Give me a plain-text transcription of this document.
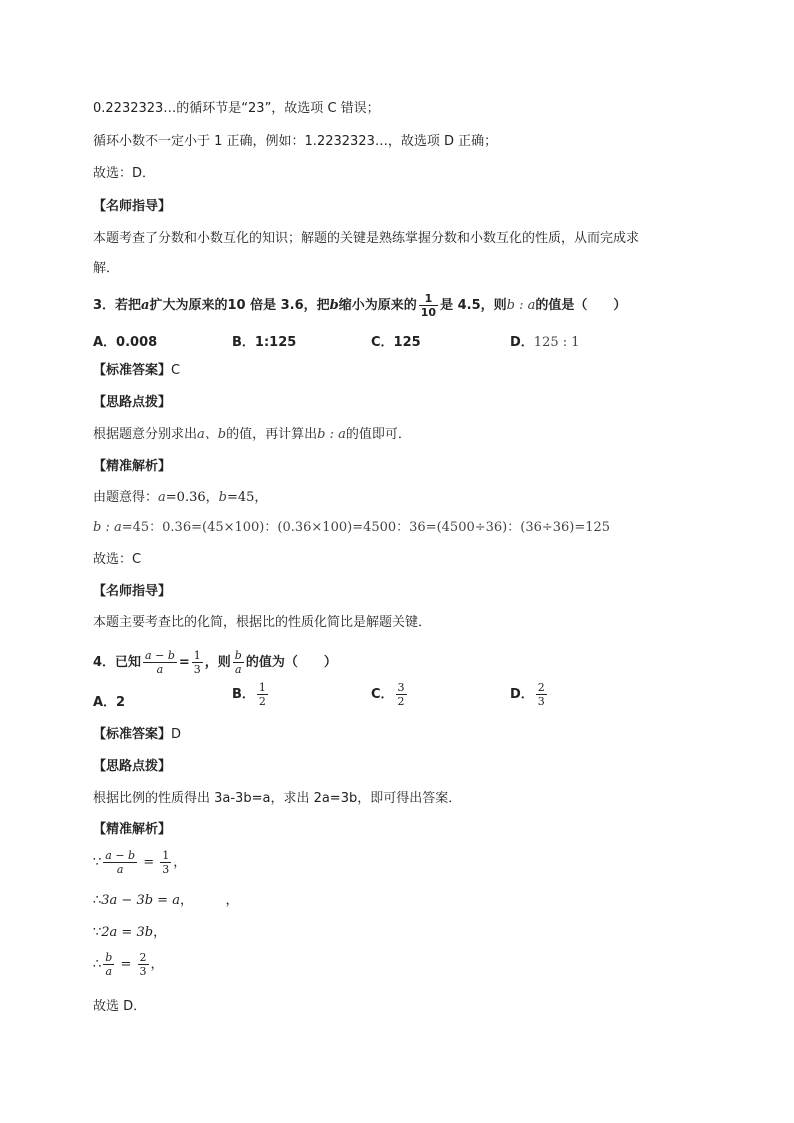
0.2232323…的循环节是“23”，故选项 C 错误；
循环小数不一定小于 1 正确，例如：1.2232323…，故选项 D 正确；
故选：D．
【名师指导】
本题考查了分数和小数互化的知识；解题的关键是熟练掌握分数和小数互化的性质，从而完成求
解．
3．若把a扩大为原来的10 倍是 3.6，把b缩小为原来的 $\frac{1}{10}$ 是 4.5，则b : a的值是（　　）
A．0.008	B．1:125	C．125	D．125 : 1
【标准答案】C
【思路点拨】
根据题意分别求出a、b的值，再计算出b : a的值即可．
【精准解析】
由题意得：a=0.36，b=45，
b : a=45：0.36=(45×100)：(0.36×100)=4500：36=(4500÷36)：(36÷36)=125
故选：C
【名师指导】
本题主要考查比的化简，根据比的性质化简比是解题关键．
4．已知 $\frac{a - b}{a} = \frac{1}{3}$ ，则 $\frac{b}{a}$ 的值为（　　）
A．2
B． $\frac{1}{2}$	C． $\frac{3}{2}$	D． $\frac{2}{3}$
【标准答案】D
【思路点拨】
根据比例的性质得出 3a-3b=a，求出 2a=3b，即可得出答案．
【精准解析】
∵ $\frac{a - b}{a} = \frac{1}{3}$ ，
∴3a − 3b = a，　　　，
∵2a = 3b，
∴ $\frac{b}{a} = \frac{2}{3}$ ，
故选 D．
